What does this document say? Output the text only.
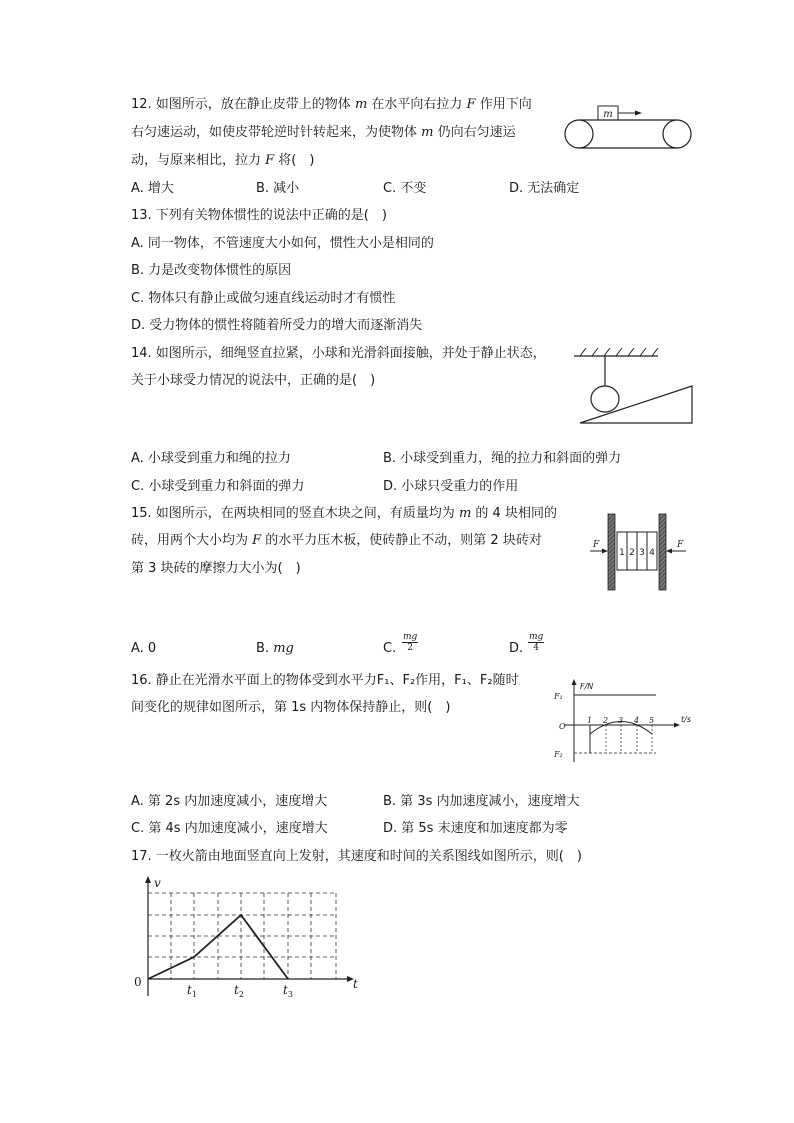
12. 如图所示，放在静止皮带上的物体 m 在水平向右拉力 F 作用下向
右匀速运动，如使皮带轮逆时针转起来，为使物体 m 仍向右匀速运
动，与原来相比，拉力 F 将(　)
A. 增大	B. 减小	C. 不变	D. 无法确定
m
13. 下列有关物体惯性的说法中正确的是(　)
A. 同一物体，不管速度大小如何，惯性大小是相同的
B. 力是改变物体惯性的原因
C. 物体只有静止或做匀速直线运动时才有惯性
D. 受力物体的惯性将随着所受力的增大而逐渐消失
14. 如图所示，细绳竖直拉紧，小球和光滑斜面接触，并处于静止状态，
关于小球受力情况的说法中，正确的是(　)
A. 小球受到重力和绳的拉力	B. 小球受到重力，绳的拉力和斜面的弹力
C. 小球受到重力和斜面的弹力	D. 小球只受重力的作用
15. 如图所示，在两块相同的竖直木块之间，有质量均为 m 的 4 块相同的
砖，用两个大小均为 F 的水平力压木板，使砖静止不动，则第 2 块砖对
第 3 块砖的摩擦力大小为(　)
1 2 3 4
F	F
A. 0	B. mg	C. $\frac{mg}{2}$	D. $\frac{mg}{4}$
16. 静止在光滑水平面上的物体受到水平力F₁、F₂作用，F₁、F₂随时
间变化的规律如图所示，第 1s 内物体保持静止，则(　)
F/N
t/s
O
F₁
F₂
1 2 3 4 5
A. 第 2s 内加速度减小，速度增大	B. 第 3s 内加速度减小，速度增大
C. 第 4s 内加速度减小，速度增大	D. 第 5s 末速度和加速度都为零
17. 一枚火箭由地面竖直向上发射，其速度和时间的关系图线如图所示，则(　)
v
t
0
$t_1$	$t_2$	$t_3$
